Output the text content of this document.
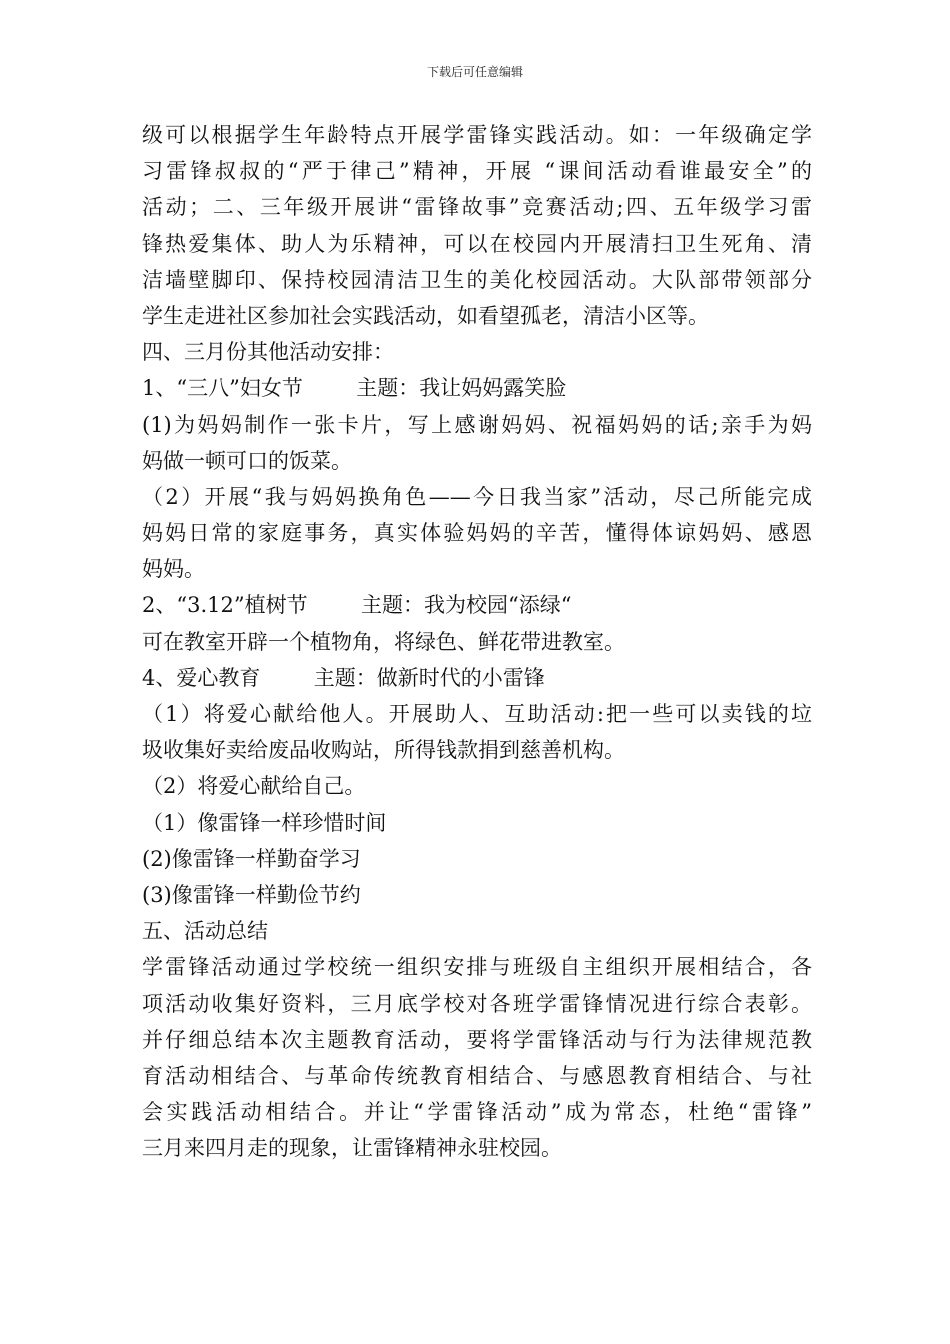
下载后可任意编辑
级可以根据学生年龄特点开展学雷锋实践活动。如：一年级确定学
习雷锋叔叔的“严于律己”精神，开展 “课间活动看谁最安全”的
活动；二、三年级开展讲“雷锋故事”竞赛活动;四、五年级学习雷
锋热爱集体、助人为乐精神，可以在校园内开展清扫卫生死角、清
洁墙壁脚印、保持校园清洁卫生的美化校园活动。大队部带领部分
学生走进社区参加社会实践活动，如看望孤老，清洁小区等。
四、三月份其他活动安排：
1、“三八”妇女节        主题：我让妈妈露笑脸
(1)为妈妈制作一张卡片，写上感谢妈妈、祝福妈妈的话;亲手为妈
妈做一顿可口的饭菜。
（2）开展“我与妈妈换角色——今日我当家”活动，尽己所能完成
妈妈日常的家庭事务，真实体验妈妈的辛苦，懂得体谅妈妈、感恩
妈妈。
2、“3.12”植树节        主题：我为校园“添绿“
可在教室开辟一个植物角，将绿色、鲜花带进教室。
4、爱心教育        主题：做新时代的小雷锋
（1）将爱心献给他人。开展助人、互助活动:把一些可以卖钱的垃
圾收集好卖给废品收购站，所得钱款捐到慈善机构。
（2）将爱心献给自己。
（1）像雷锋一样珍惜时间
(2)像雷锋一样勤奋学习
(3)像雷锋一样勤俭节约
五、活动总结
学雷锋活动通过学校统一组织安排与班级自主组织开展相结合，各
项活动收集好资料，三月底学校对各班学雷锋情况进行综合表彰。
并仔细总结本次主题教育活动，要将学雷锋活动与行为法律规范教
育活动相结合、与革命传统教育相结合、与感恩教育相结合、与社
会实践活动相结合。并让“学雷锋活动”成为常态，杜绝“雷锋”
三月来四月走的现象，让雷锋精神永驻校园。
